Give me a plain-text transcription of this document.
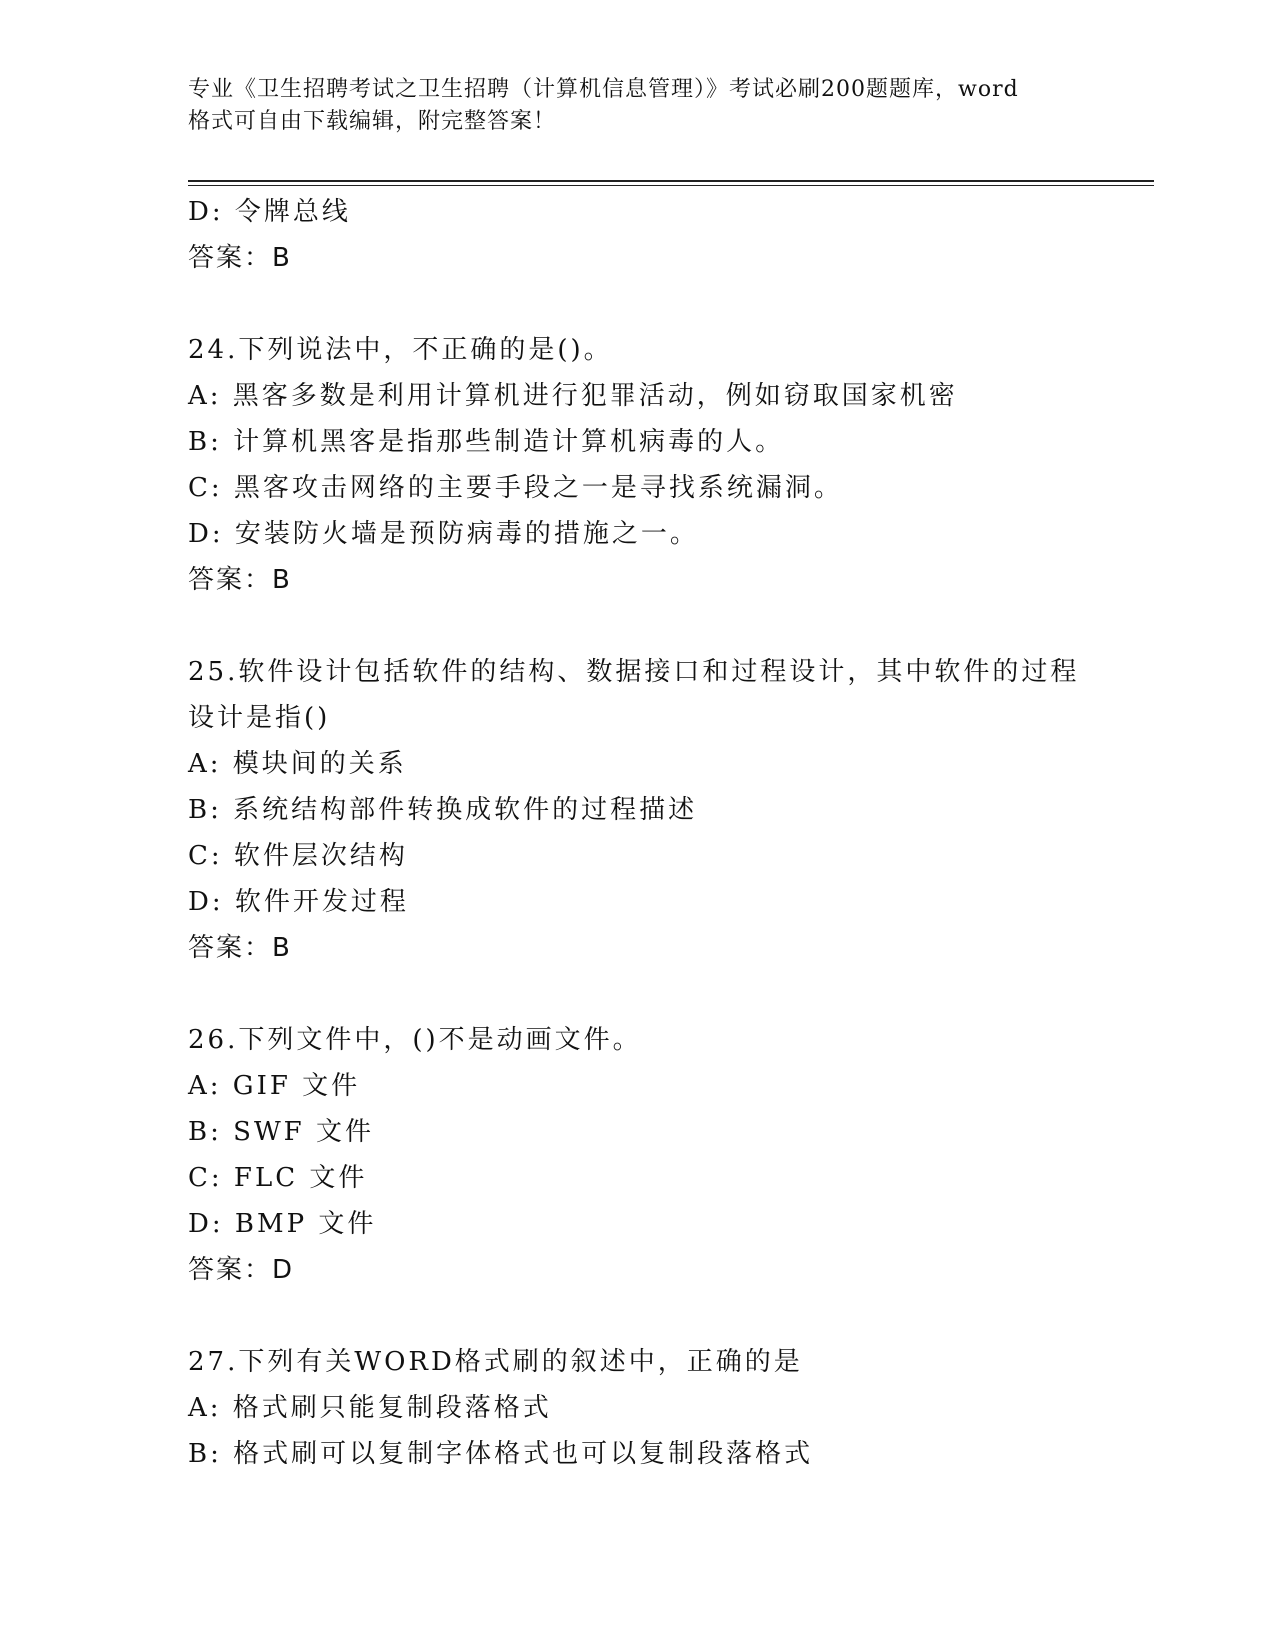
专业《卫生招聘考试之卫生招聘（计算机信息管理）》考试必刷200题题库，word
格式可自由下载编辑，附完整答案！
D: 令牌总线
答案：B
24.下列说法中，不正确的是()。
A: 黑客多数是利用计算机进行犯罪活动，例如窃取国家机密
B: 计算机黑客是指那些制造计算机病毒的人。
C: 黑客攻击网络的主要手段之一是寻找系统漏洞。
D: 安装防火墙是预防病毒的措施之一。
答案：B
25.软件设计包括软件的结构、数据接口和过程设计，其中软件的过程
设计是指()
A: 模块间的关系
B: 系统结构部件转换成软件的过程描述
C: 软件层次结构
D: 软件开发过程
答案：B
26.下列文件中，()不是动画文件。
A: GIF 文件
B: SWF 文件
C: FLC 文件
D: BMP 文件
答案：D
27.下列有关WORD格式刷的叙述中，正确的是
A: 格式刷只能复制段落格式
B: 格式刷可以复制字体格式也可以复制段落格式
